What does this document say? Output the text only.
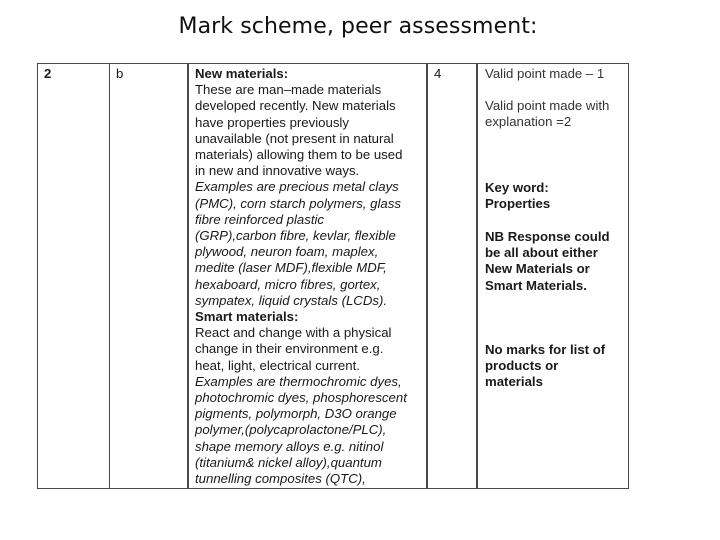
Mark scheme, peer assessment:
2	b	New materials:
These are man–made materials
developed recently. New materials
have properties previously
unavailable (not present in natural
materials) allowing them to be used
in new and innovative ways.
Examples are precious metal clays
(PMC), corn starch polymers, glass
fibre reinforced plastic
(GRP),carbon fibre, kevlar, flexible
plywood, neuron foam, maplex,
medite (laser MDF),flexible MDF,
hexaboard, micro fibres, gortex,
sympatex, liquid crystals (LCDs).
Smart materials:
React and change with a physical
change in their environment e.g.
heat, light, electrical current.
Examples are thermochromic dyes,
photochromic dyes, phosphorescent
pigments, polymorph, D3O orange
polymer,(polycaprolactone/PLC),
shape memory alloys e.g. nitinol
(titanium& nickel alloy),quantum
tunnelling composites (QTC),
4	Valid point made – 1
Valid point made with
explanation =2
Key word:
Properties
NB Response could
be all about either
New Materials or
Smart Materials.
No marks for list of
products or
materials
